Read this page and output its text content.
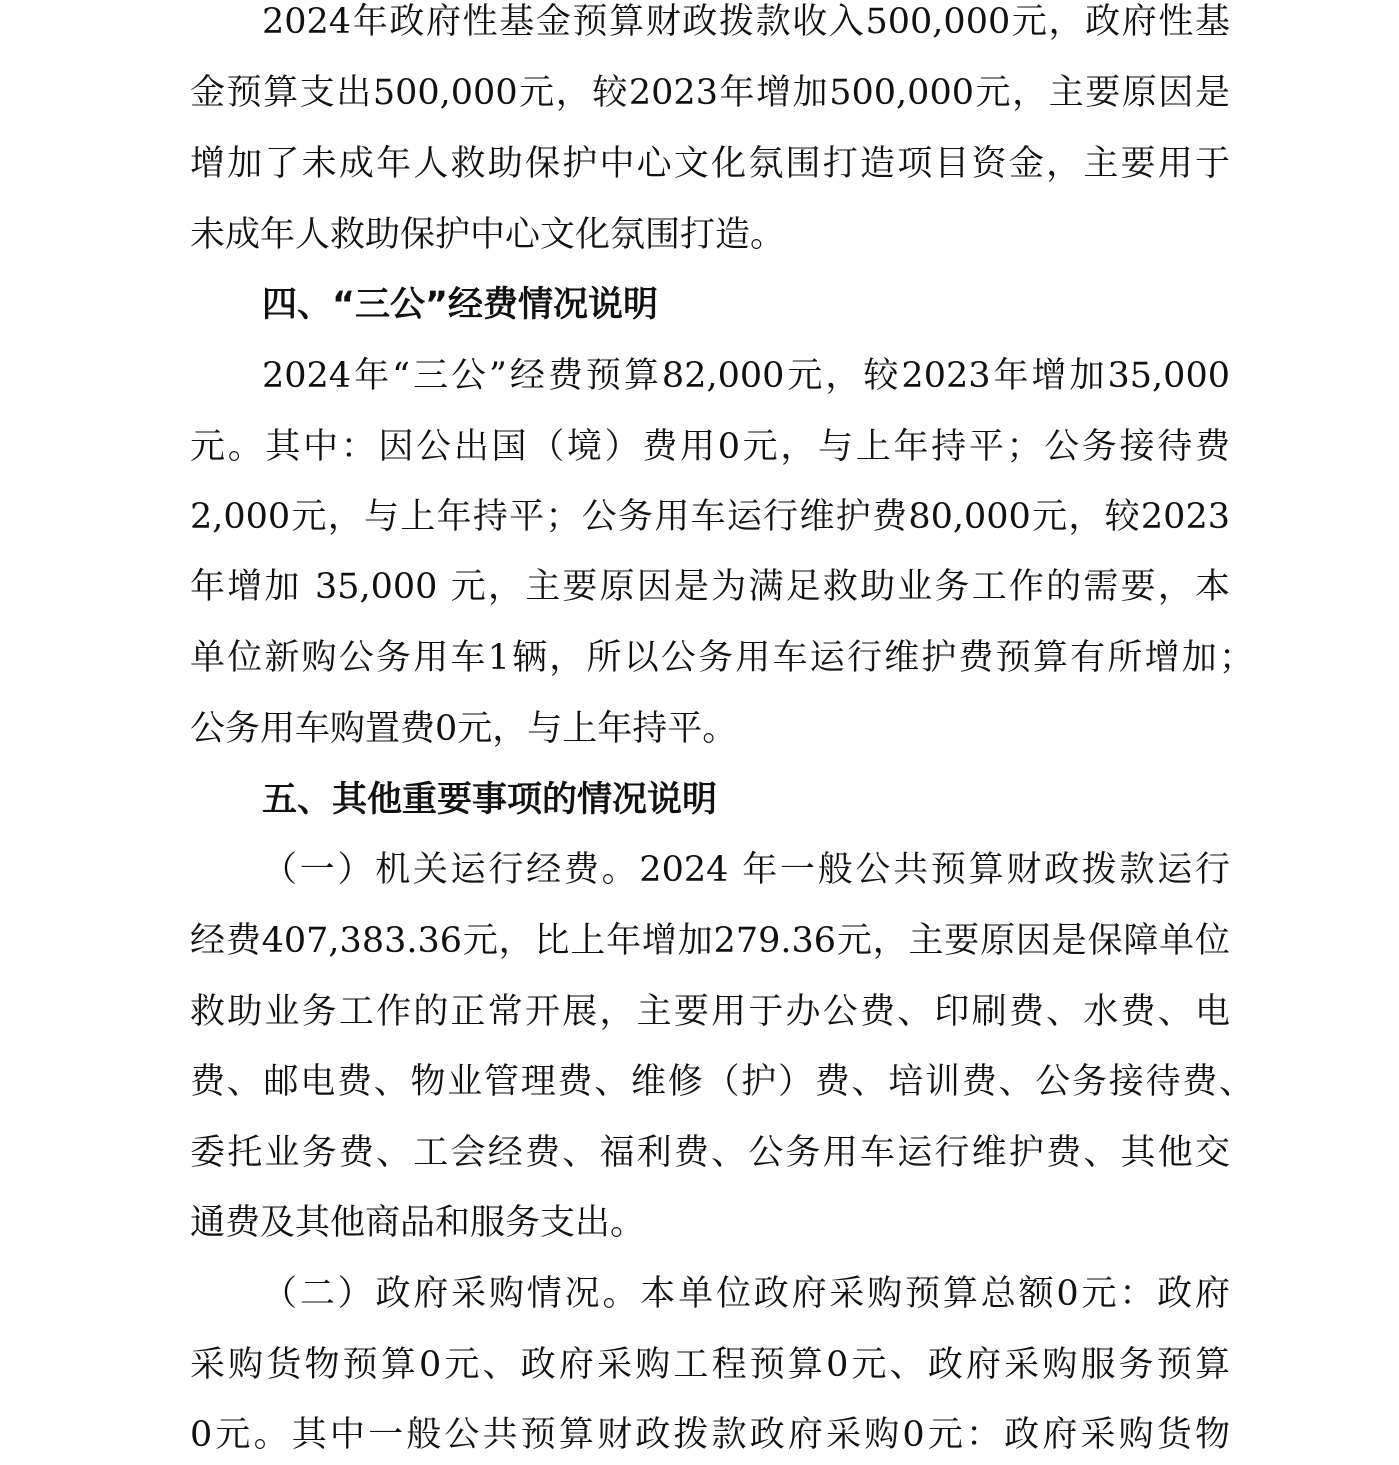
2024年政府性基金预算财政拨款收入500,000元，政府性基
金预算支出500,000元，较2023年增加500,000元，主要原因是
增加了未成年人救助保护中心文化氛围打造项目资金，主要用于
未成年人救助保护中心文化氛围打造。
四、“三公”经费情况说明
2024年“三公”经费预算82,000元，较2023年增加35,000
元。其中：因公出国（境）费用0元，与上年持平；公务接待费
2,000元，与上年持平；公务用车运行维护费80,000元，较2023
年增加 35,000 元，主要原因是为满足救助业务工作的需要，本
单位新购公务用车1辆，所以公务用车运行维护费预算有所增加；
公务用车购置费0元，与上年持平。
五、其他重要事项的情况说明
（一）机关运行经费。2024 年一般公共预算财政拨款运行
经费407,383.36元，比上年增加279.36元，主要原因是保障单位
救助业务工作的正常开展，主要用于办公费、印刷费、水费、电
费、邮电费、物业管理费、维修（护）费、培训费、公务接待费、
委托业务费、工会经费、福利费、公务用车运行维护费、其他交
通费及其他商品和服务支出。
（二）政府采购情况。本单位政府采购预算总额0元：政府
采购货物预算0元、政府采购工程预算0元、政府采购服务预算
0元。其中一般公共预算财政拨款政府采购0元：政府采购货物
